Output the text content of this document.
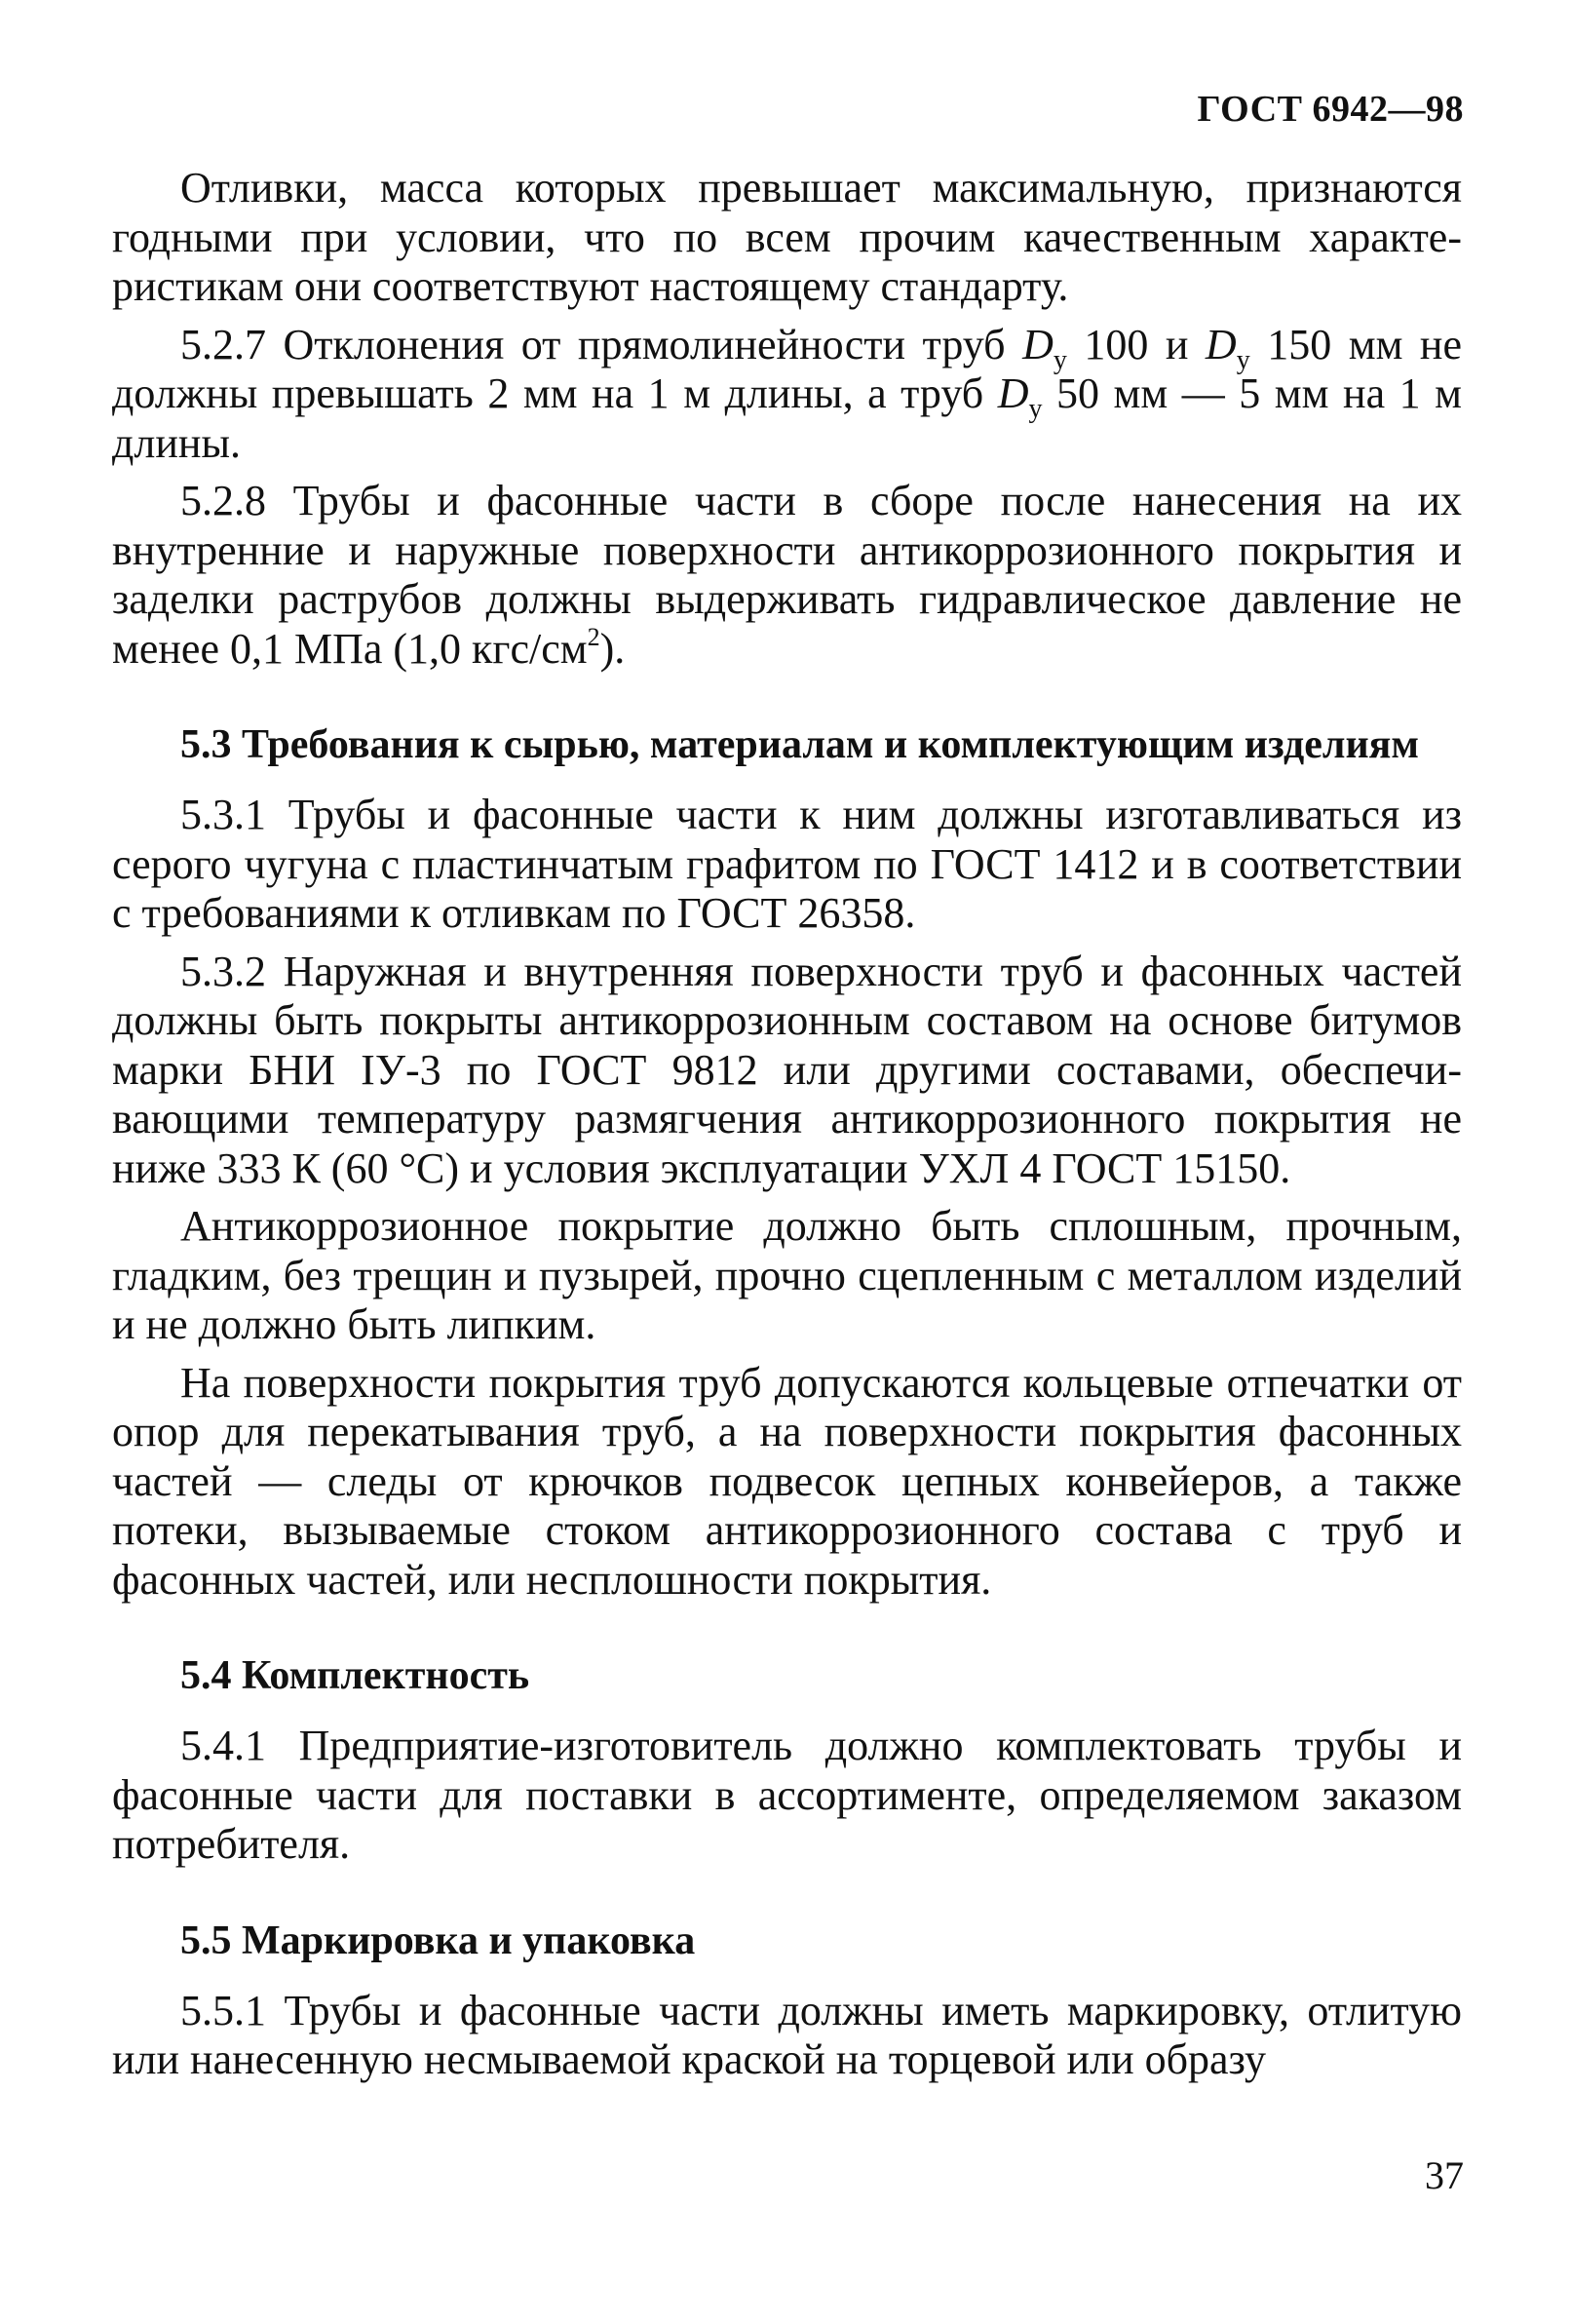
ГОСТ 6942—98

Отливки, масса которых превышает максимальную, признаются годными при условии, что по всем прочим качественным характеристикам они соответствуют настоящему стандарту.

5.2.7 Отклонения от прямолинейности труб $D_у$ 100 и $D_у$ 150 мм не должны превышать 2 мм на 1 м длины, а труб $D_у$ 50 мм — 5 мм на 1 м длины.

5.2.8 Трубы и фасонные части в сборе после нанесения на их внутренние и наружные поверхности антикоррозионного покрытия и заделки раструбов должны выдерживать гидравлическое давление не менее 0,1 МПа (1,0 кгс/$см^2$).

5.3 Требования к сырью, материалам и комплектующим изделиям

5.3.1 Трубы и фасонные части к ним должны изготавливаться из серого чугуна с пластинчатым графитом по ГОСТ 1412 и в соответствии с требованиями к отливкам по ГОСТ 26358.

5.3.2 Наружная и внутренняя поверхности труб и фасонных частей должны быть покрыты антикоррозионным составом на основе битумов марки БНИ IУ-3 по ГОСТ 9812 или другими составами, обеспечивающими температуру размягчения антикоррозионного покрытия не ниже 333 К (60 °С) и условия эксплуатации УХЛ 4 ГОСТ 15150.

Антикоррозионное покрытие должно быть сплошным, прочным, гладким, без трещин и пузырей, прочно сцепленным с металлом изделий и не должно быть липким.

На поверхности покрытия труб допускаются кольцевые отпечатки от опор для перекатывания труб, а на поверхности покрытия фасонных частей — следы от крючков подвесок цепных конвейеров, а также потеки, вызываемые стоком антикоррозионного состава с труб и фасонных частей, или несплошности покрытия.

5.4 Комплектность

5.4.1 Предприятие-изготовитель должно комплектовать трубы и фасонные части для поставки в ассортименте, определяемом заказом потребителя.

5.5 Маркировка и упаковка

5.5.1 Трубы и фасонные части должны иметь маркировку, отлитую или нанесенную несмываемой краской на торцевой или образу

37
